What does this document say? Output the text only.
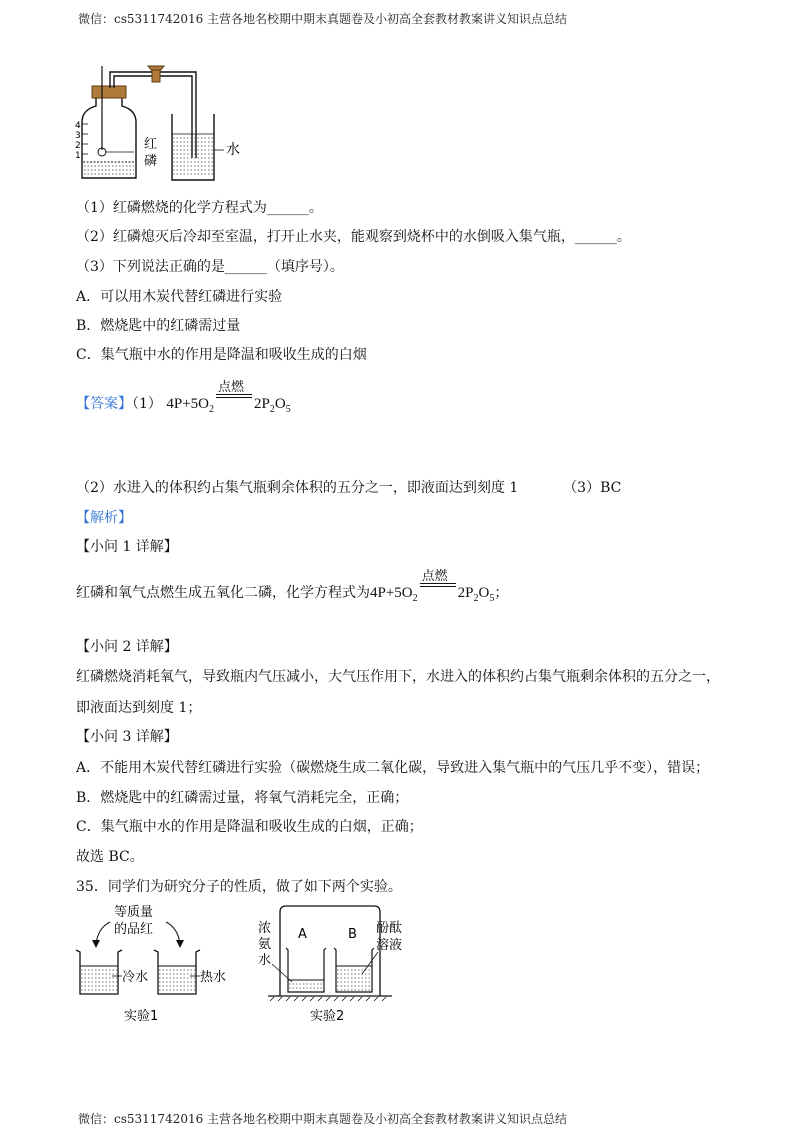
微信：cs5311742016 主营各地名校期中期末真题卷及小初高全套教材教案讲义知识点总结
4
3
2
1	水
红
磷
（1）红磷燃烧的化学方程式为______。
（2）红磷熄灭后冷却至室温，打开止水夹，能观察到烧杯中的水倒吸入集气瓶，______。
（3）下列说法正确的是______（填序号）。
A．可以用木炭代替红磷进行实验
B．燃烧匙中的红磷需过量
C．集气瓶中水的作用是降温和吸收生成的白烟
【答案】（1） $4P+5O_2$
点燃
$2P_2O_5$
（2）水进入的体积约占集气瓶剩余体积的五分之一，即液面达到刻度 1	（3）BC
【解析】
【小问 1 详解】
红磷和氧气点燃生成五氧化二磷，化学方程式为$4P+5O_2$
点燃
$2P_2O_5$；
【小问 2 详解】
红磷燃烧消耗氧气，导致瓶内气压减小，大气压作用下，水进入的体积约占集气瓶剩余体积的五分之一，
即液面达到刻度 1；
【小问 3 详解】
A．不能用木炭代替红磷进行实验（碳燃烧生成二氧化碳，导致进入集气瓶中的气压几乎不变），错误；
B．燃烧匙中的红磷需过量，将氧气消耗完全，正确；
C．集气瓶中水的作用是降温和吸收生成的白烟，正确；
故选 BC。
35．同学们为研究分子的性质，做了如下两个实验。
等质量
的品红
冷水	热水
实验1
A	B
浓
氨
水
酚酞
溶液
实验2
微信：cs5311742016 主营各地名校期中期末真题卷及小初高全套教材教案讲义知识点总结
